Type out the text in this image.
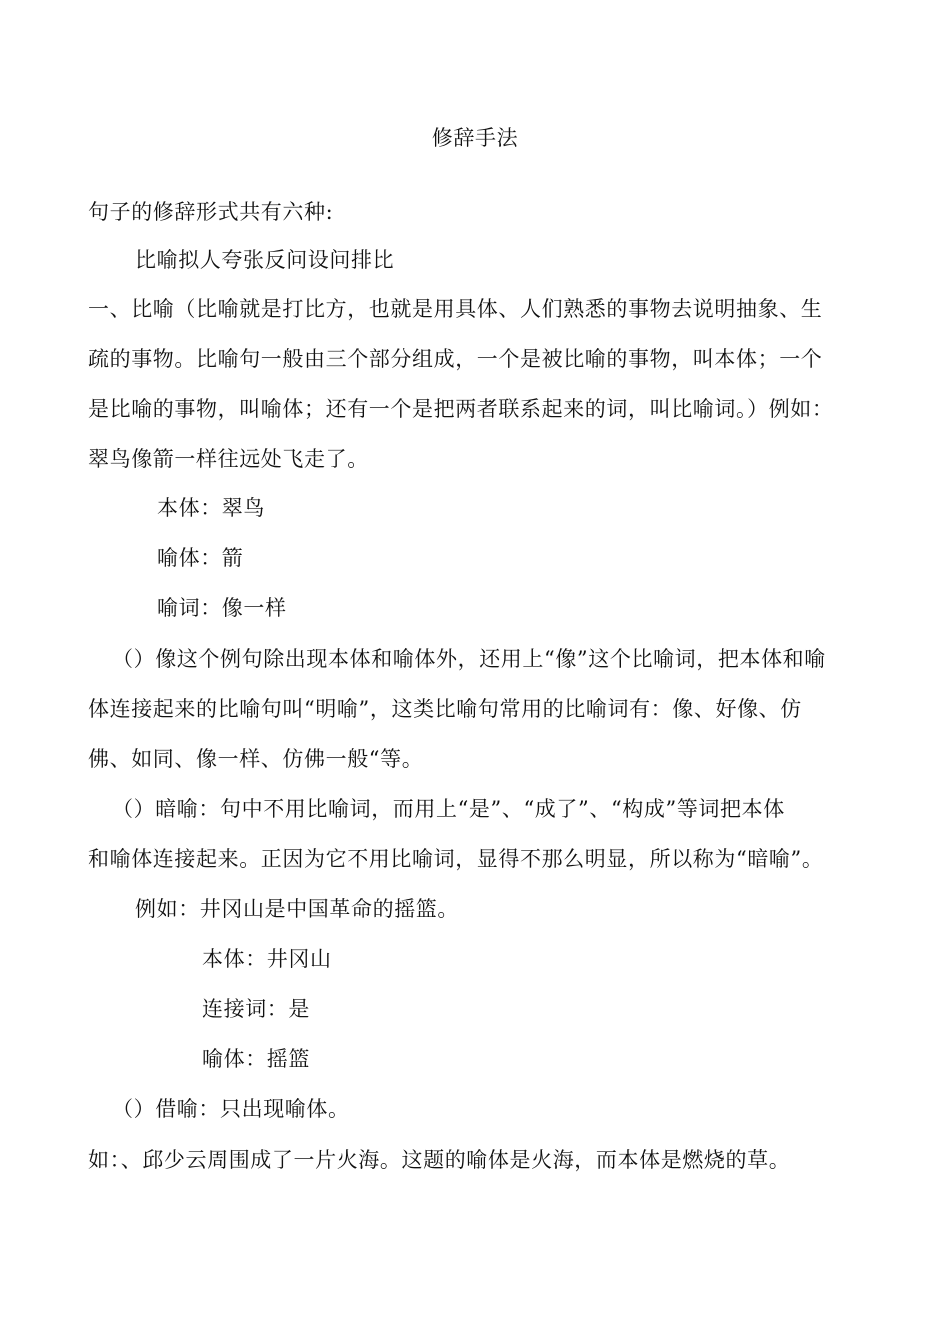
修辞手法
句子的修辞形式共有六种:
比喻拟人夸张反问设问排比
一、比喻（比喻就是打比方，也就是用具体、人们熟悉的事物去说明抽象、生
疏的事物。比喻句一般由三个部分组成，一个是被比喻的事物，叫本体；一个
是比喻的事物，叫喻体；还有一个是把两者联系起来的词，叫比喻词。）例如：
翠鸟像箭一样往远处飞走了。
本体：翠鸟
喻体：箭
喻词：像一样
（）像这个例句除出现本体和喻体外，还用上“像”这个比喻词，把本体和喻
体连接起来的比喻句叫“明喻”，这类比喻句常用的比喻词有：像、好像、仿
佛、如同、像一样、仿佛一般“等。
（）暗喻：句中不用比喻词，而用上“是”、“成了”、“构成”等词把本体
和喻体连接起来。正因为它不用比喻词，显得不那么明显，所以称为“暗喻”。
例如：井冈山是中国革命的摇篮。
本体：井冈山
连接词：是
喻体：摇篮
（）借喻：只出现喻体。
如：、邱少云周围成了一片火海。这题的喻体是火海，而本体是燃烧的草。
